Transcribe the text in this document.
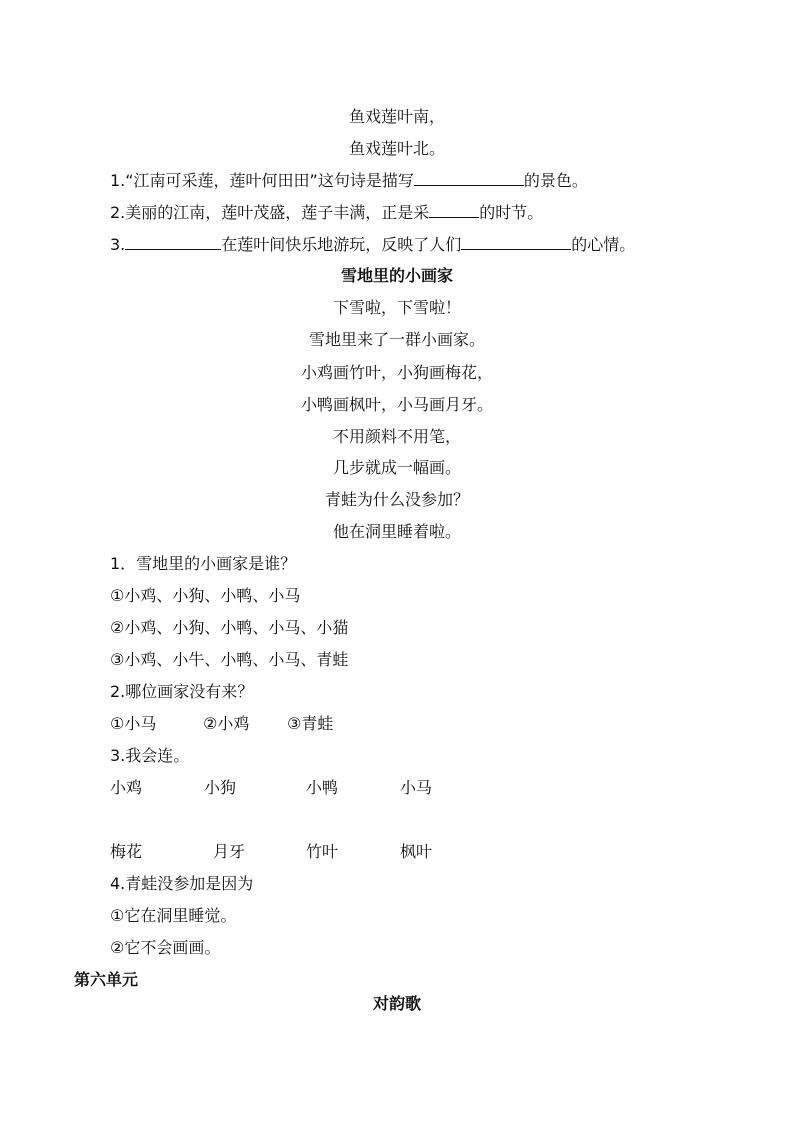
鱼戏莲叶南，
鱼戏莲叶北。
1.“江南可采莲，莲叶何田田”这句诗是描写	的景色。
2.美丽的江南，莲叶茂盛，莲子丰满，正是采	的时节。
3.	在莲叶间快乐地游玩，反映了人们	的心情。
雪地里的小画家
下雪啦，下雪啦！
雪地里来了一群小画家。
小鸡画竹叶，小狗画梅花，
小鸭画枫叶，小马画月牙。
不用颜料不用笔，
几步就成一幅画。
青蛙为什么没参加？
他在洞里睡着啦。
1．雪地里的小画家是谁？
①小鸡、小狗、小鸭、小马
②小鸡、小狗、小鸭、小马、小猫
③小鸡、小牛、小鸭、小马、青蛙
2.哪位画家没有来？
①小马	②小鸡 ③青蛙
3.我会连。
小鸡	小狗	小鸭	小马
梅花	月牙	竹叶	枫叶
4.青蛙没参加是因为
①它在洞里睡觉。
②它不会画画。
第六单元
对韵歌
